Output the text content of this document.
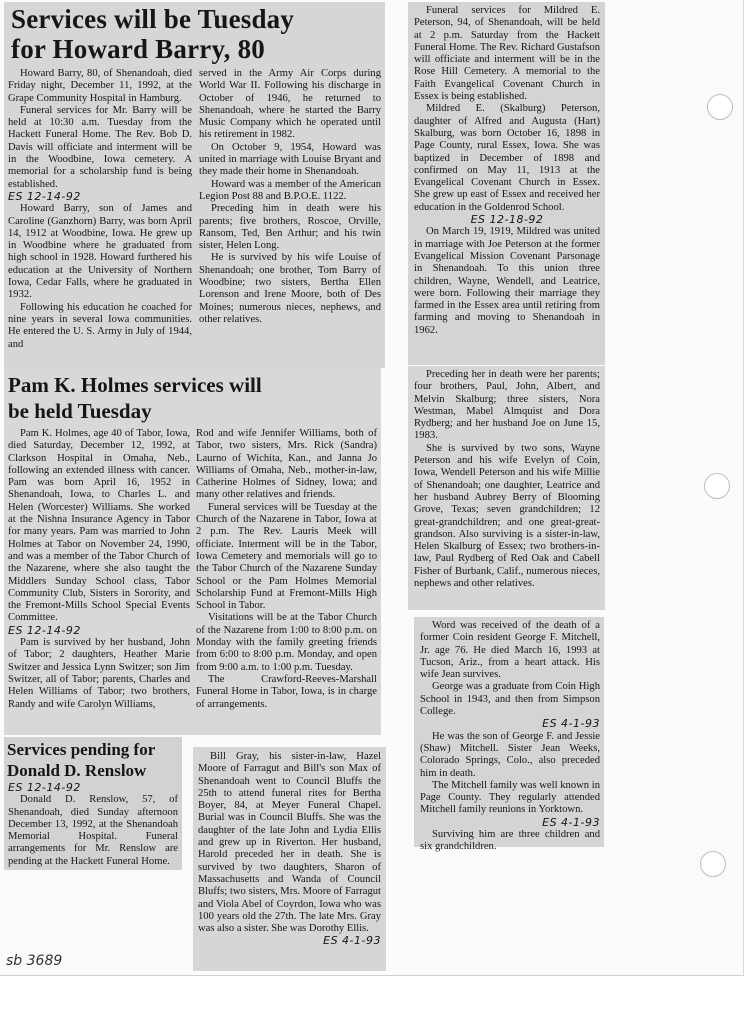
Services will be Tuesday for Howard Barry, 80

Howard Barry, 80, of Shenandoah, died Friday night, December 11, 1992, at the Grape Community Hospital in Hamburg.

Funeral services for Mr. Barry will be held at 10:30 a.m. Tuesday from the Hackett Funeral Home. The Rev. Bob D. Davis will officiate and interment will be in the Woodbine, Iowa cemetery. A memorial for a scholarship fund is being established.

ES 12-14-92

Howard Barry, son of James and Caroline (Ganzhorn) Barry, was born April 14, 1912 at Woodbine, Iowa. He grew up in Woodbine where he graduated from high school in 1928. Howard furthered his education at the University of Northern Iowa, Cedar Falls, where he graduated in 1932.

Following his education he coached for nine years in several Iowa communities. He entered the U. S. Army in July of 1944, and

served in the Army Air Corps during World War II. Following his discharge in October of 1946, he returned to Shenandoah, where he started the Barry Music Company which he operated until his retirement in 1982.

On October 9, 1954, Howard was united in marriage with Louise Bryant and they made their home in Shenandoah.

Howard was a member of the American Legion Post 88 and B.P.O.E. 1122.

Preceding him in death were his parents; five brothers, Roscoe, Orville, Ransom, Ted, Ben Arthur; and his twin sister, Helen Long.

He is survived by his wife Louise of Shenandoah; one brother, Tom Barry of Woodbine; two sisters, Bertha Ellen Lorenson and Irene Moore, both of Des Moines; numerous nieces, nephews, and other relatives.

Pam K. Holmes services will be held Tuesday

Pam K. Holmes, age 40 of Tabor, Iowa, died Saturday, December 12, 1992, at Clarkson Hospital in Omaha, Neb., following an extended illness with cancer. Pam was born April 16, 1952 in Shenandoah, Iowa, to Charles L. and Helen (Worcester) Williams. She worked at the Nishna Insurance Agency in Tabor for many years. Pam was married to John Holmes at Tabor on November 24, 1990, and was a member of the Tabor Church of the Nazarene, where she also taught the Middlers Sunday School class, Tabor Community Club, Sisters in Sorority, and the Fremont-Mills School Special Events Committee.

ES 12-14-92

Pam is survived by her husband, John of Tabor; 2 daughters, Heather Marie Switzer and Jessica Lynn Switzer; son Jim Switzer, all of Tabor; parents, Charles and Helen Williams of Tabor; two brothers, Randy and wife Carolyn Williams,

Rod and wife Jennifer Williams, both of Tabor, two sisters, Mrs. Rick (Sandra) Laurno of Wichita, Kan., and Janna Jo Williams of Omaha, Neb., mother-in-law, Catherine Holmes of Sidney, Iowa; and many other relatives and friends.

Funeral services will be Tuesday at the Church of the Nazarene in Tabor, Iowa at 2 p.m. The Rev. Lauris Meek will officiate. Interment will be in the Tabor, Iowa Cemetery and memorials will go to the Tabor Church of the Nazarene Sunday School or the Pam Holmes Memorial Scholarship Fund at Fremont-Mills High School in Tabor.

Visitations will be at the Tabor Church of the Nazarene from 1:00 to 8:00 p.m. on Monday with the family greeting friends from 6:00 to 8:00 p.m. Monday, and open from 9:00 a.m. to 1:00 p.m. Tuesday.

The Crawford-Reeves-Marshall Funeral Home in Tabor, Iowa, is in charge of arrangements.

Services pending for Donald D. Renslow

ES 12-14-92

Donald D. Renslow, 57, of Shenandoah, died Sunday afternoon December 13, 1992, at the Shenandoah Memorial Hospital. Funeral arrangements for Mr. Renslow are pending at the Hackett Funeral Home.

Bill Gray, his sister-in-law, Hazel Moore of Farragut and Bill's son Max of Shenandoah went to Council Bluffs the 25th to attend funeral rites for Bertha Boyer, 84, at Meyer Funeral Chapel. Burial was in Council Bluffs. She was the daughter of the late John and Lydia Ellis and grew up in Riverton. Her husband, Harold preceded her in death. She is survived by two daughters, Sharon of Massachusetts and Wanda of Council Bluffs; two sisters, Mrs. Moore of Farragut and Viola Abel of Coyrdon, Iowa who was 100 years old the 27th. The late Mrs. Gray was also a sister. She was Dorothy Ellis.

ES 4-1-93

Funeral services for Mildred E. Peterson, 94, of Shenandoah, will be held at 2 p.m. Saturday from the Hackett Funeral Home. The Rev. Richard Gustafson will officiate and interment will be in the Rose Hill Cemetery. A memorial to the Faith Evangelical Covenant Church in Essex is being established.

Mildred E. (Skalburg) Peterson, daughter of Alfred and Augusta (Hart) Skalburg, was born October 16, 1898 in Page County, rural Essex, Iowa. She was baptized in December of 1898 and confirmed on May 11, 1913 at the Evangelical Covenant Church in Essex. She grew up east of Essex and received her education in the Goldenrod School.

ES 12-18-92

On March 19, 1919, Mildred was united in marriage with Joe Peterson at the former Evangelical Mission Covenant Parsonage in Shenandoah. To this union three children, Wayne, Wendell, and Leatrice, were born. Following their marriage they farmed in the Essex area until retiring from farming and moving to Shenandoah in 1962.

Preceding her in death were her parents; four brothers, Paul, John, Albert, and Melvin Skalburg; three sisters, Nora Westman, Mabel Almquist and Dora Rydberg; and her husband Joe on June 15, 1983.

She is survived by two sons, Wayne Peterson and his wife Evelyn of Coin, Iowa, Wendell Peterson and his wife Millie of Shenandoah; one daughter, Leatrice and her husband Aubrey Berry of Blooming Grove, Texas; seven grandchildren; 12 great-grandchildren; and one great-great-grandson. Also surviving is a sister-in-law, Helen Skalburg of Essex; two brothers-in-law, Paul Rydberg of Red Oak and Cabell Fisher of Burbank, Calif., numerous nieces, nephews and other relatives.

Word was received of the death of a former Coin resident George F. Mitchell, Jr. age 76. He died March 16, 1993 at Tucson, Ariz., from a heart attack. His wife Jean survives.

George was a graduate from Coin High School in 1943, and then from Simpson College.

ES 4-1-93

He was the son of George F. and Jessie (Shaw) Mitchell. Sister Jean Weeks, Colorado Springs, Colo., also preceded him in death.

The Mitchell family was well known in Page County. They regularly attended Mitchell family reunions in Yorktown.

ES 4-1-93

Surviving him are three children and six grandchildren.

sb 3689
